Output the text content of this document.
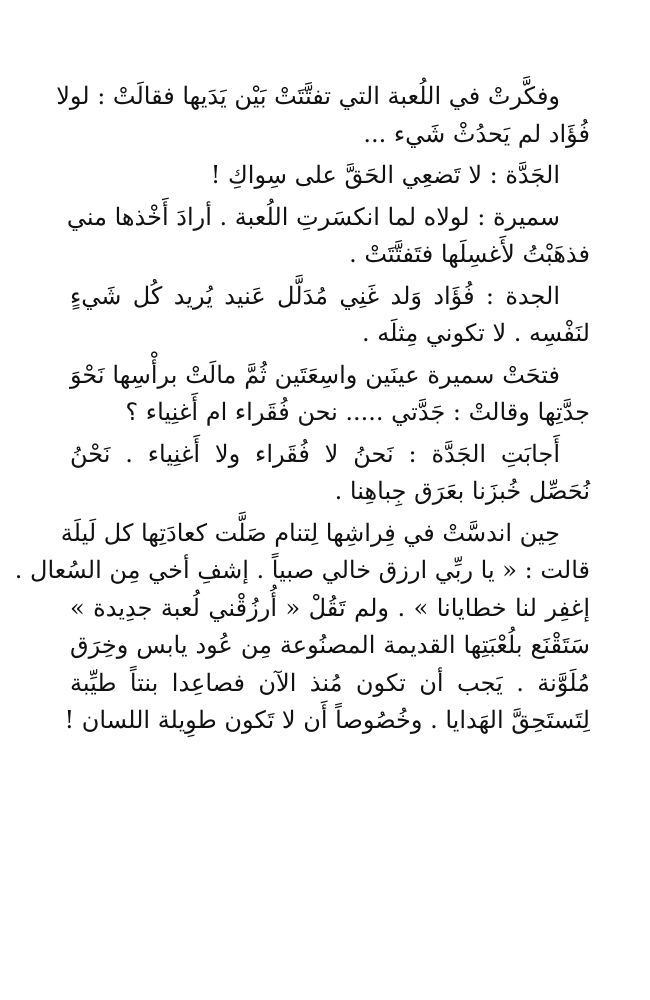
وفكَّرتْ في اللُعبة التي تفتَّتَتْ بَيْن يَدَيها فقالَتْ : لولا
فُؤَاد لم يَحدُثْ شَيء ...
الجَدَّة : لا تَضعِي الحَقَّ على سِواكِ !
سميرة : لولاه لما انكسَرتِ اللُعبة . أرادَ أَخْذها مني
فذهَبْتُ لأَغسِلَها فتَفتَّتَتْ .
الجدة : فُؤَاد وَلد غَنِي مُدَلَّل عَنيد يُريد كُل شَيءٍ
لنَفْسِه . لا تكوني مِثلَه .
فتحَتْ سميرة عينَين واسِعَتَين ثُمَّ مالَتْ برأْسِها نَحْوَ
جدَّتِها وقالتْ : جَدَّتي ..... نحن فُقَراء ام أَغنِياء ؟
أَجابَتِ الجَدَّة : نَحنُ لا فُقَراء ولا أَغنِياء . نَحْنُ
نُحَصِّل خُبزَنا بعَرَق جِباهِنا .
حِين اندسَّتْ في فِراشِها لِتنام صَلَّت كعادَتِها كل لَيلَة
قالت : « يا ربِّي ارزق خالي صبياً . إشفِ أخي مِن السُعال .
إغفِر لنا خطايانا » . ولم تَقُلْ « أُرزُقْني لُعبة جدِيدة »
سَتَقْنَع بلُعْبَتِها القديمة المصنُوعة مِن عُود يابس وخِرَق
مُلَوَّنة . يَجب أن تكون مُنذ الآن فصاعِدا بنتاً طيِّبة
لِتَستَحِقَّ الهَدايا . وخُصُوصاً أَن لا تَكون طوِيلة اللسان !
